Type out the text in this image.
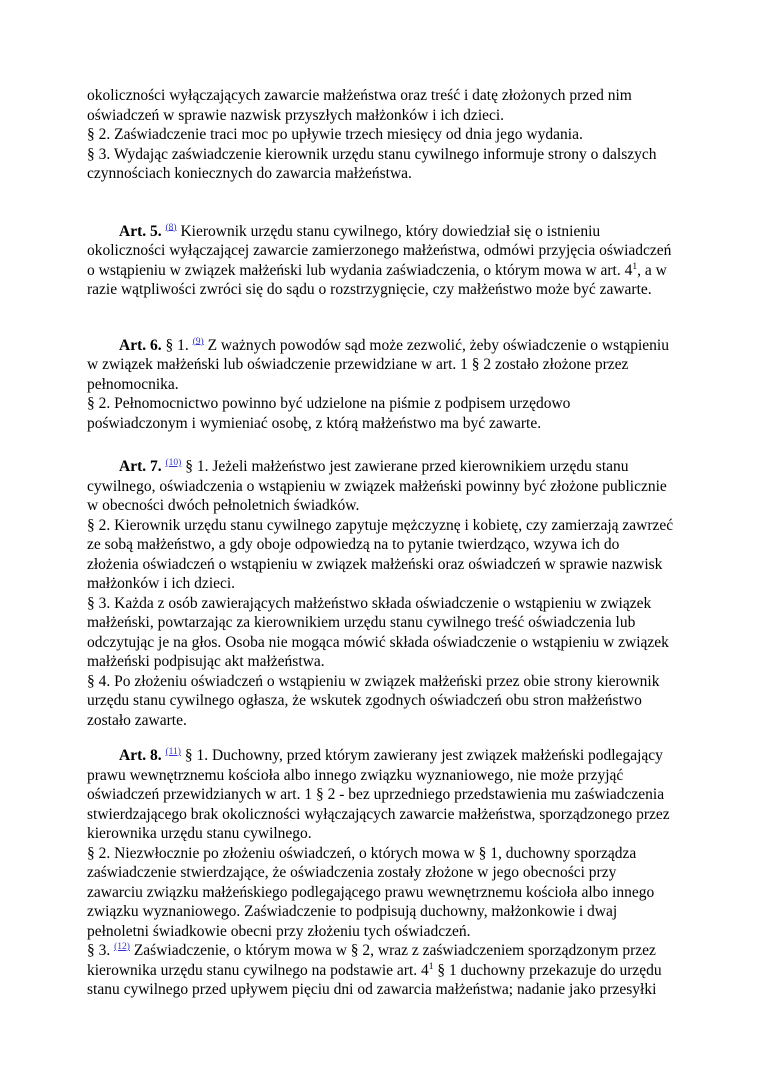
okoliczności wyłączających zawarcie małżeństwa oraz treść i datę złożonych przed nim oświadczeń w sprawie nazwisk przyszłych małżonków i ich dzieci.

§ 2. Zaświadczenie traci moc po upływie trzech miesięcy od dnia jego wydania.

§ 3. Wydając zaświadczenie kierownik urzędu stanu cywilnego informuje strony o dalszych czynnościach koniecznych do zawarcia małżeństwa.

Art. 5. $^{(8)}$ Kierownik urzędu stanu cywilnego, który dowiedział się o istnieniu okoliczności wyłączającej zawarcie zamierzonego małżeństwa, odmówi przyjęcia oświadczeń o wstąpieniu w związek małżeński lub wydania zaświadczenia, o którym mowa w art. $4^1$, a w razie wątpliwości zwróci się do sądu o rozstrzygnięcie, czy małżeństwo może być zawarte.

Art. 6. § 1. $^{(9)}$ Z ważnych powodów sąd może zezwolić, żeby oświadczenie o wstąpieniu w związek małżeński lub oświadczenie przewidziane w art. 1 § 2 zostało złożone przez pełnomocnika.

§ 2. Pełnomocnictwo powinno być udzielone na piśmie z podpisem urzędowo poświadczonym i wymieniać osobę, z którą małżeństwo ma być zawarte.

Art. 7. $^{(10)}$ § 1. Jeżeli małżeństwo jest zawierane przed kierownikiem urzędu stanu cywilnego, oświadczenia o wstąpieniu w związek małżeński powinny być złożone publicznie w obecności dwóch pełnoletnich świadków.

§ 2. Kierownik urzędu stanu cywilnego zapytuje mężczyznę i kobietę, czy zamierzają zawrzeć ze sobą małżeństwo, a gdy oboje odpowiedzą na to pytanie twierdząco, wzywa ich do złożenia oświadczeń o wstąpieniu w związek małżeński oraz oświadczeń w sprawie nazwisk małżonków i ich dzieci.

§ 3. Każda z osób zawierających małżeństwo składa oświadczenie o wstąpieniu w związek małżeński, powtarzając za kierownikiem urzędu stanu cywilnego treść oświadczenia lub odczytując je na głos. Osoba nie mogąca mówić składa oświadczenie o wstąpieniu w związek małżeński podpisując akt małżeństwa.

§ 4. Po złożeniu oświadczeń o wstąpieniu w związek małżeński przez obie strony kierownik urzędu stanu cywilnego ogłasza, że wskutek zgodnych oświadczeń obu stron małżeństwo zostało zawarte.

Art. 8. $^{(11)}$ § 1. Duchowny, przed którym zawierany jest związek małżeński podlegający prawu wewnętrznemu kościoła albo innego związku wyznaniowego, nie może przyjąć oświadczeń przewidzianych w art. 1 § 2 - bez uprzedniego przedstawienia mu zaświadczenia stwierdzającego brak okoliczności wyłączających zawarcie małżeństwa, sporządzonego przez kierownika urzędu stanu cywilnego.

§ 2. Niezwłocznie po złożeniu oświadczeń, o których mowa w § 1, duchowny sporządza zaświadczenie stwierdzające, że oświadczenia zostały złożone w jego obecności przy zawarciu związku małżeńskiego podlegającego prawu wewnętrznemu kościoła albo innego związku wyznaniowego. Zaświadczenie to podpisują duchowny, małżonkowie i dwaj pełnoletni świadkowie obecni przy złożeniu tych oświadczeń.

§ 3. $^{(12)}$ Zaświadczenie, o którym mowa w § 2, wraz z zaświadczeniem sporządzonym przez kierownika urzędu stanu cywilnego na podstawie art. $4^1$ § 1 duchowny przekazuje do urzędu stanu cywilnego przed upływem pięciu dni od zawarcia małżeństwa; nadanie jako przesyłki
